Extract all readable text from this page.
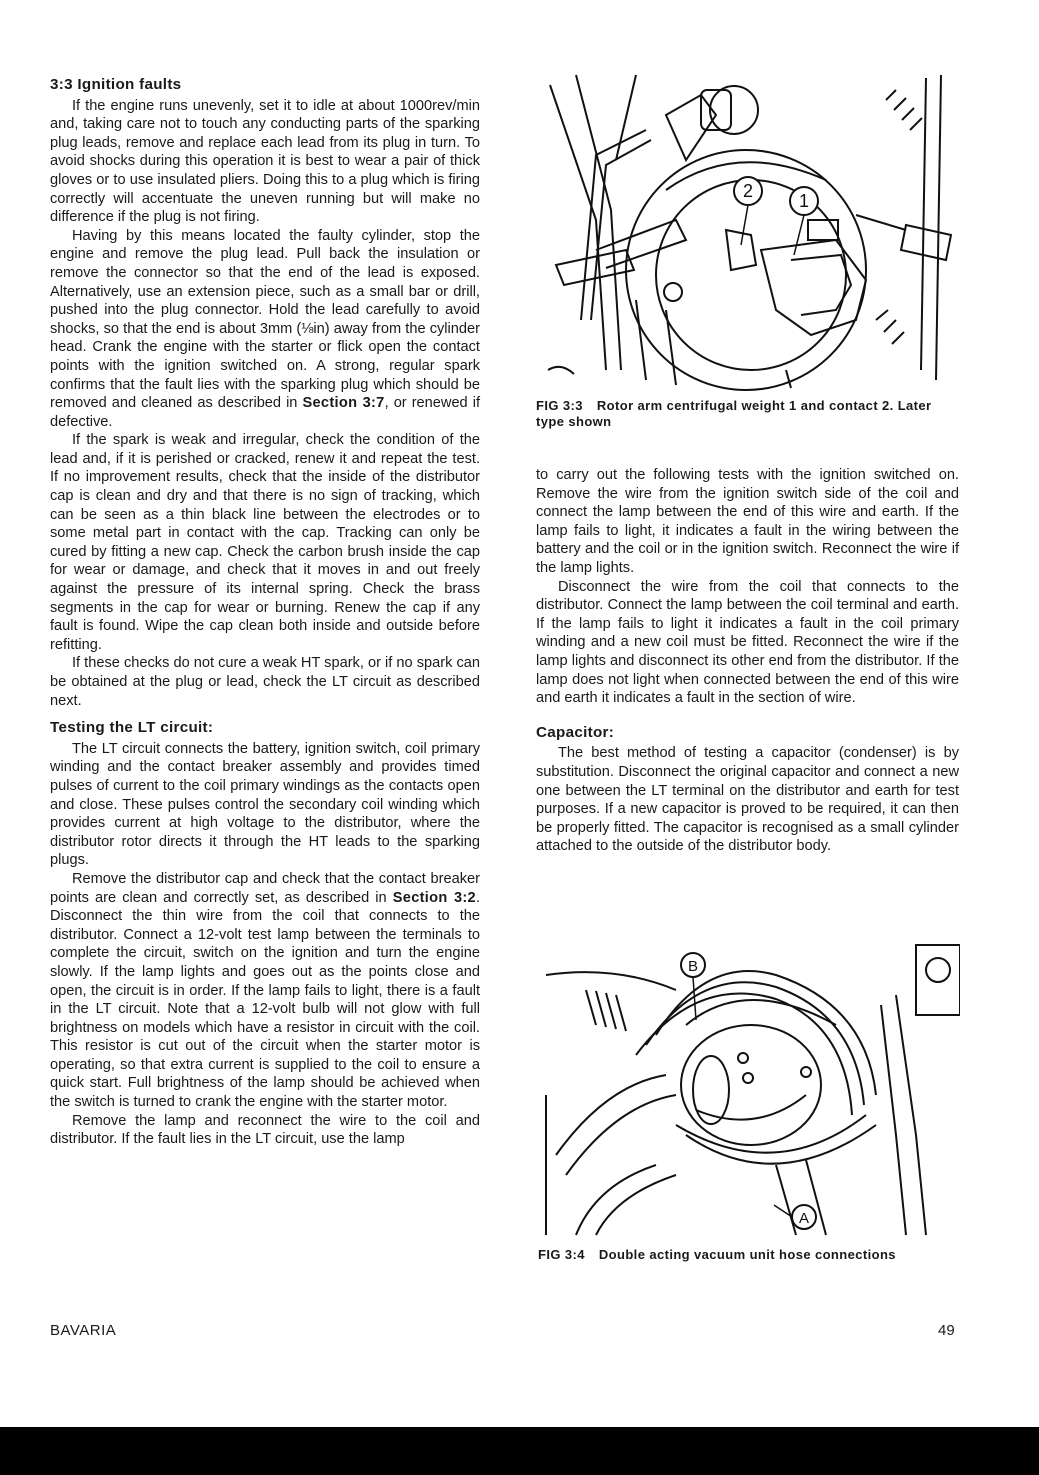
3:3 Ignition faults

If the engine runs unevenly, set it to idle at about 1000rev/min and, taking care not to touch any conducting parts of the sparking plug leads, remove and replace each lead from its plug in turn. To avoid shocks during this operation it is best to wear a pair of thick gloves or to use insulated pliers. Doing this to a plug which is firing correctly will accentuate the uneven running but will make no difference if the plug is not firing.

Having by this means located the faulty cylinder, stop the engine and remove the plug lead. Pull back the insulation or remove the connector so that the end of the lead is exposed. Alternatively, use an extension piece, such as a small bar or drill, pushed into the plug connector. Hold the lead carefully to avoid shocks, so that the end is about 3mm (⅛in) away from the cylinder head. Crank the engine with the starter or flick open the contact points with the ignition switched on. A strong, regular spark confirms that the fault lies with the sparking plug which should be removed and cleaned as described in Section 3:7, or renewed if defective.

If the spark is weak and irregular, check the condition of the lead and, if it is perished or cracked, renew it and repeat the test. If no improvement results, check that the inside of the distributor cap is clean and dry and that there is no sign of tracking, which can be seen as a thin black line between the electrodes or to some metal part in contact with the cap. Tracking can only be cured by fitting a new cap. Check the carbon brush inside the cap for wear or damage, and check that it moves in and out freely against the pressure of its internal spring. Check the brass segments in the cap for wear or burning. Renew the cap if any fault is found. Wipe the cap clean both inside and outside before refitting.

If these checks do not cure a weak HT spark, or if no spark can be obtained at the plug or lead, check the LT circuit as described next.

Testing the LT circuit:

The LT circuit connects the battery, ignition switch, coil primary winding and the contact breaker assembly and provides timed pulses of current to the coil primary windings as the contacts open and close. These pulses control the secondary coil winding which provides current at high voltage to the distributor, where the distributor rotor directs it through the HT leads to the sparking plugs.

Remove the distributor cap and check that the contact breaker points are clean and correctly set, as described in Section 3:2. Disconnect the thin wire from the coil that connects to the distributor. Connect a 12-volt test lamp between the terminals to complete the circuit, switch on the ignition and turn the engine slowly. If the lamp lights and goes out as the points close and open, the circuit is in order. If the lamp fails to light, there is a fault in the LT circuit. Note that a 12-volt bulb will not glow with full brightness on models which have a resistor in circuit with the coil. This resistor is cut out of the circuit when the starter motor is operating, so that extra current is supplied to the coil to ensure a quick start. Full brightness of the lamp should be achieved when the switch is turned to crank the engine with the starter motor.

Remove the lamp and reconnect the wire to the coil and distributor. If the fault lies in the LT circuit, use the lamp

2	1
FIG 3:3 Rotor arm centrifugal weight 1 and contact 2. Later type shown

to carry out the following tests with the ignition switched on. Remove the wire from the ignition switch side of the coil and connect the lamp between the end of this wire and earth. If the lamp fails to light, it indicates a fault in the wiring between the battery and the coil or in the ignition switch. Reconnect the wire if the lamp lights.

Disconnect the wire from the coil that connects to the distributor. Connect the lamp between the coil terminal and earth. If the lamp fails to light it indicates a fault in the coil primary winding and a new coil must be fitted. Reconnect the wire if the lamp lights and disconnect its other end from the distributor. If the lamp does not light when connected between the end of this wire and earth it indicates a fault in the section of wire.

Capacitor:

The best method of testing a capacitor (condenser) is by substitution. Disconnect the original capacitor and connect a new one between the LT terminal on the distributor and earth for test purposes. If a new capacitor is proved to be required, it can then be properly fitted. The capacitor is recognised as a small cylinder attached to the outside of the distributor body.

B
A
FIG 3:4 Double acting vacuum unit hose connections
BAVARIA	49
